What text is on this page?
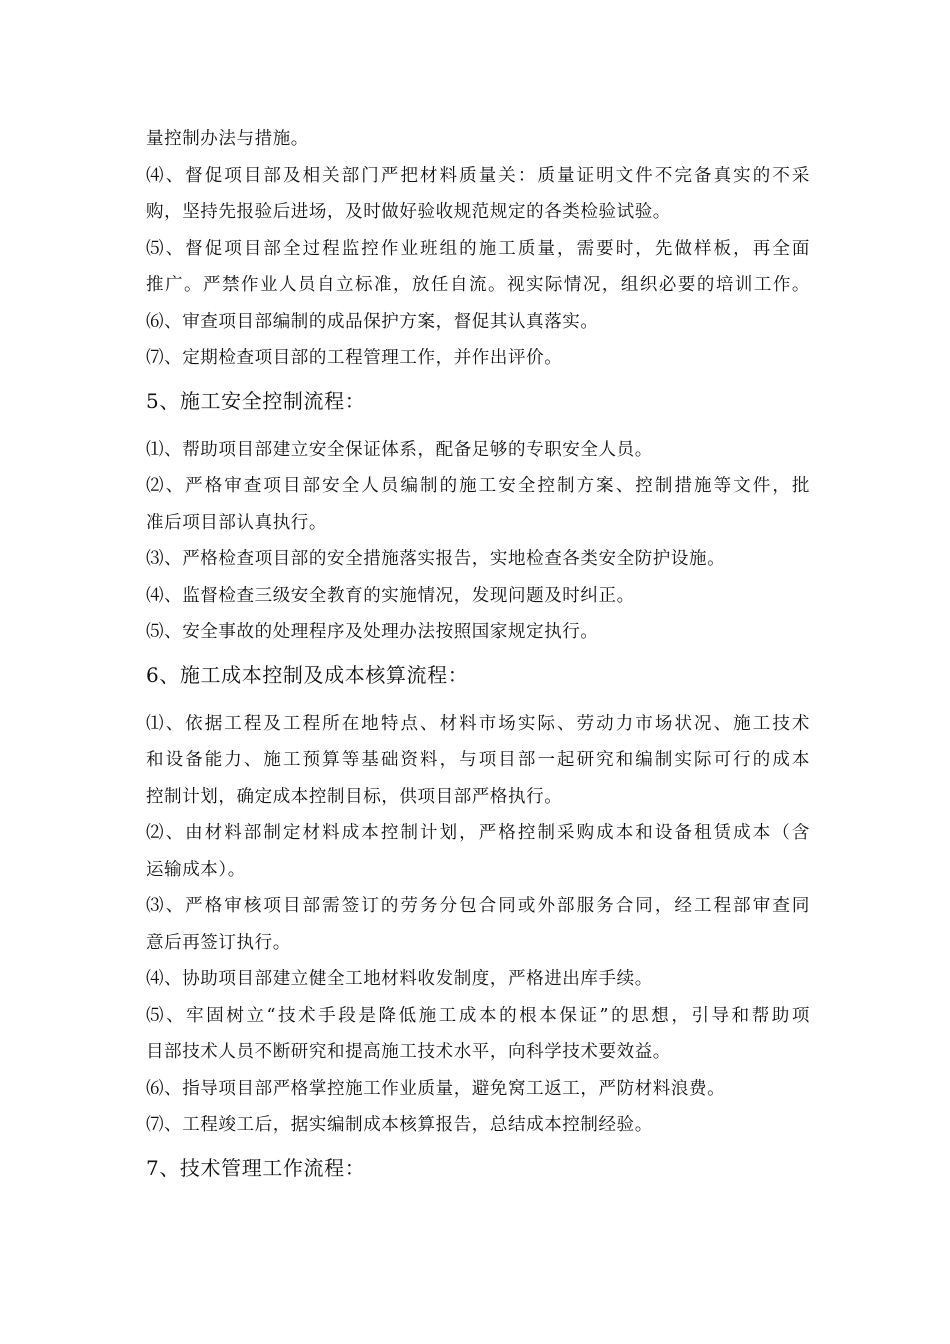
量控制办法与措施。
⑷、督促项目部及相关部门严把材料质量关：质量证明文件不完备真实的不采
购，坚持先报验后进场，及时做好验收规范规定的各类检验试验。
⑸、督促项目部全过程监控作业班组的施工质量，需要时，先做样板，再全面
推广。严禁作业人员自立标准，放任自流。视实际情况，组织必要的培训工作。
⑹、审查项目部编制的成品保护方案，督促其认真落实。
⑺、定期检查项目部的工程管理工作，并作出评价。
5、施工安全控制流程：
⑴、帮助项目部建立安全保证体系，配备足够的专职安全人员。
⑵、严格审查项目部安全人员编制的施工安全控制方案、控制措施等文件，批
准后项目部认真执行。
⑶、严格检查项目部的安全措施落实报告，实地检查各类安全防护设施。
⑷、监督检查三级安全教育的实施情况，发现问题及时纠正。
⑸、安全事故的处理程序及处理办法按照国家规定执行。
6、施工成本控制及成本核算流程：
⑴、依据工程及工程所在地特点、材料市场实际、劳动力市场状况、施工技术
和设备能力、施工预算等基础资料，与项目部一起研究和编制实际可行的成本
控制计划，确定成本控制目标，供项目部严格执行。
⑵、由材料部制定材料成本控制计划，严格控制采购成本和设备租赁成本（含
运输成本）。
⑶、严格审核项目部需签订的劳务分包合同或外部服务合同，经工程部审查同
意后再签订执行。
⑷、协助项目部建立健全工地材料收发制度，严格进出库手续。
⑸、牢固树立“技术手段是降低施工成本的根本保证”的思想，引导和帮助项
目部技术人员不断研究和提高施工技术水平，向科学技术要效益。
⑹、指导项目部严格掌控施工作业质量，避免窝工返工，严防材料浪费。
⑺、工程竣工后，据实编制成本核算报告，总结成本控制经验。
7、技术管理工作流程：
